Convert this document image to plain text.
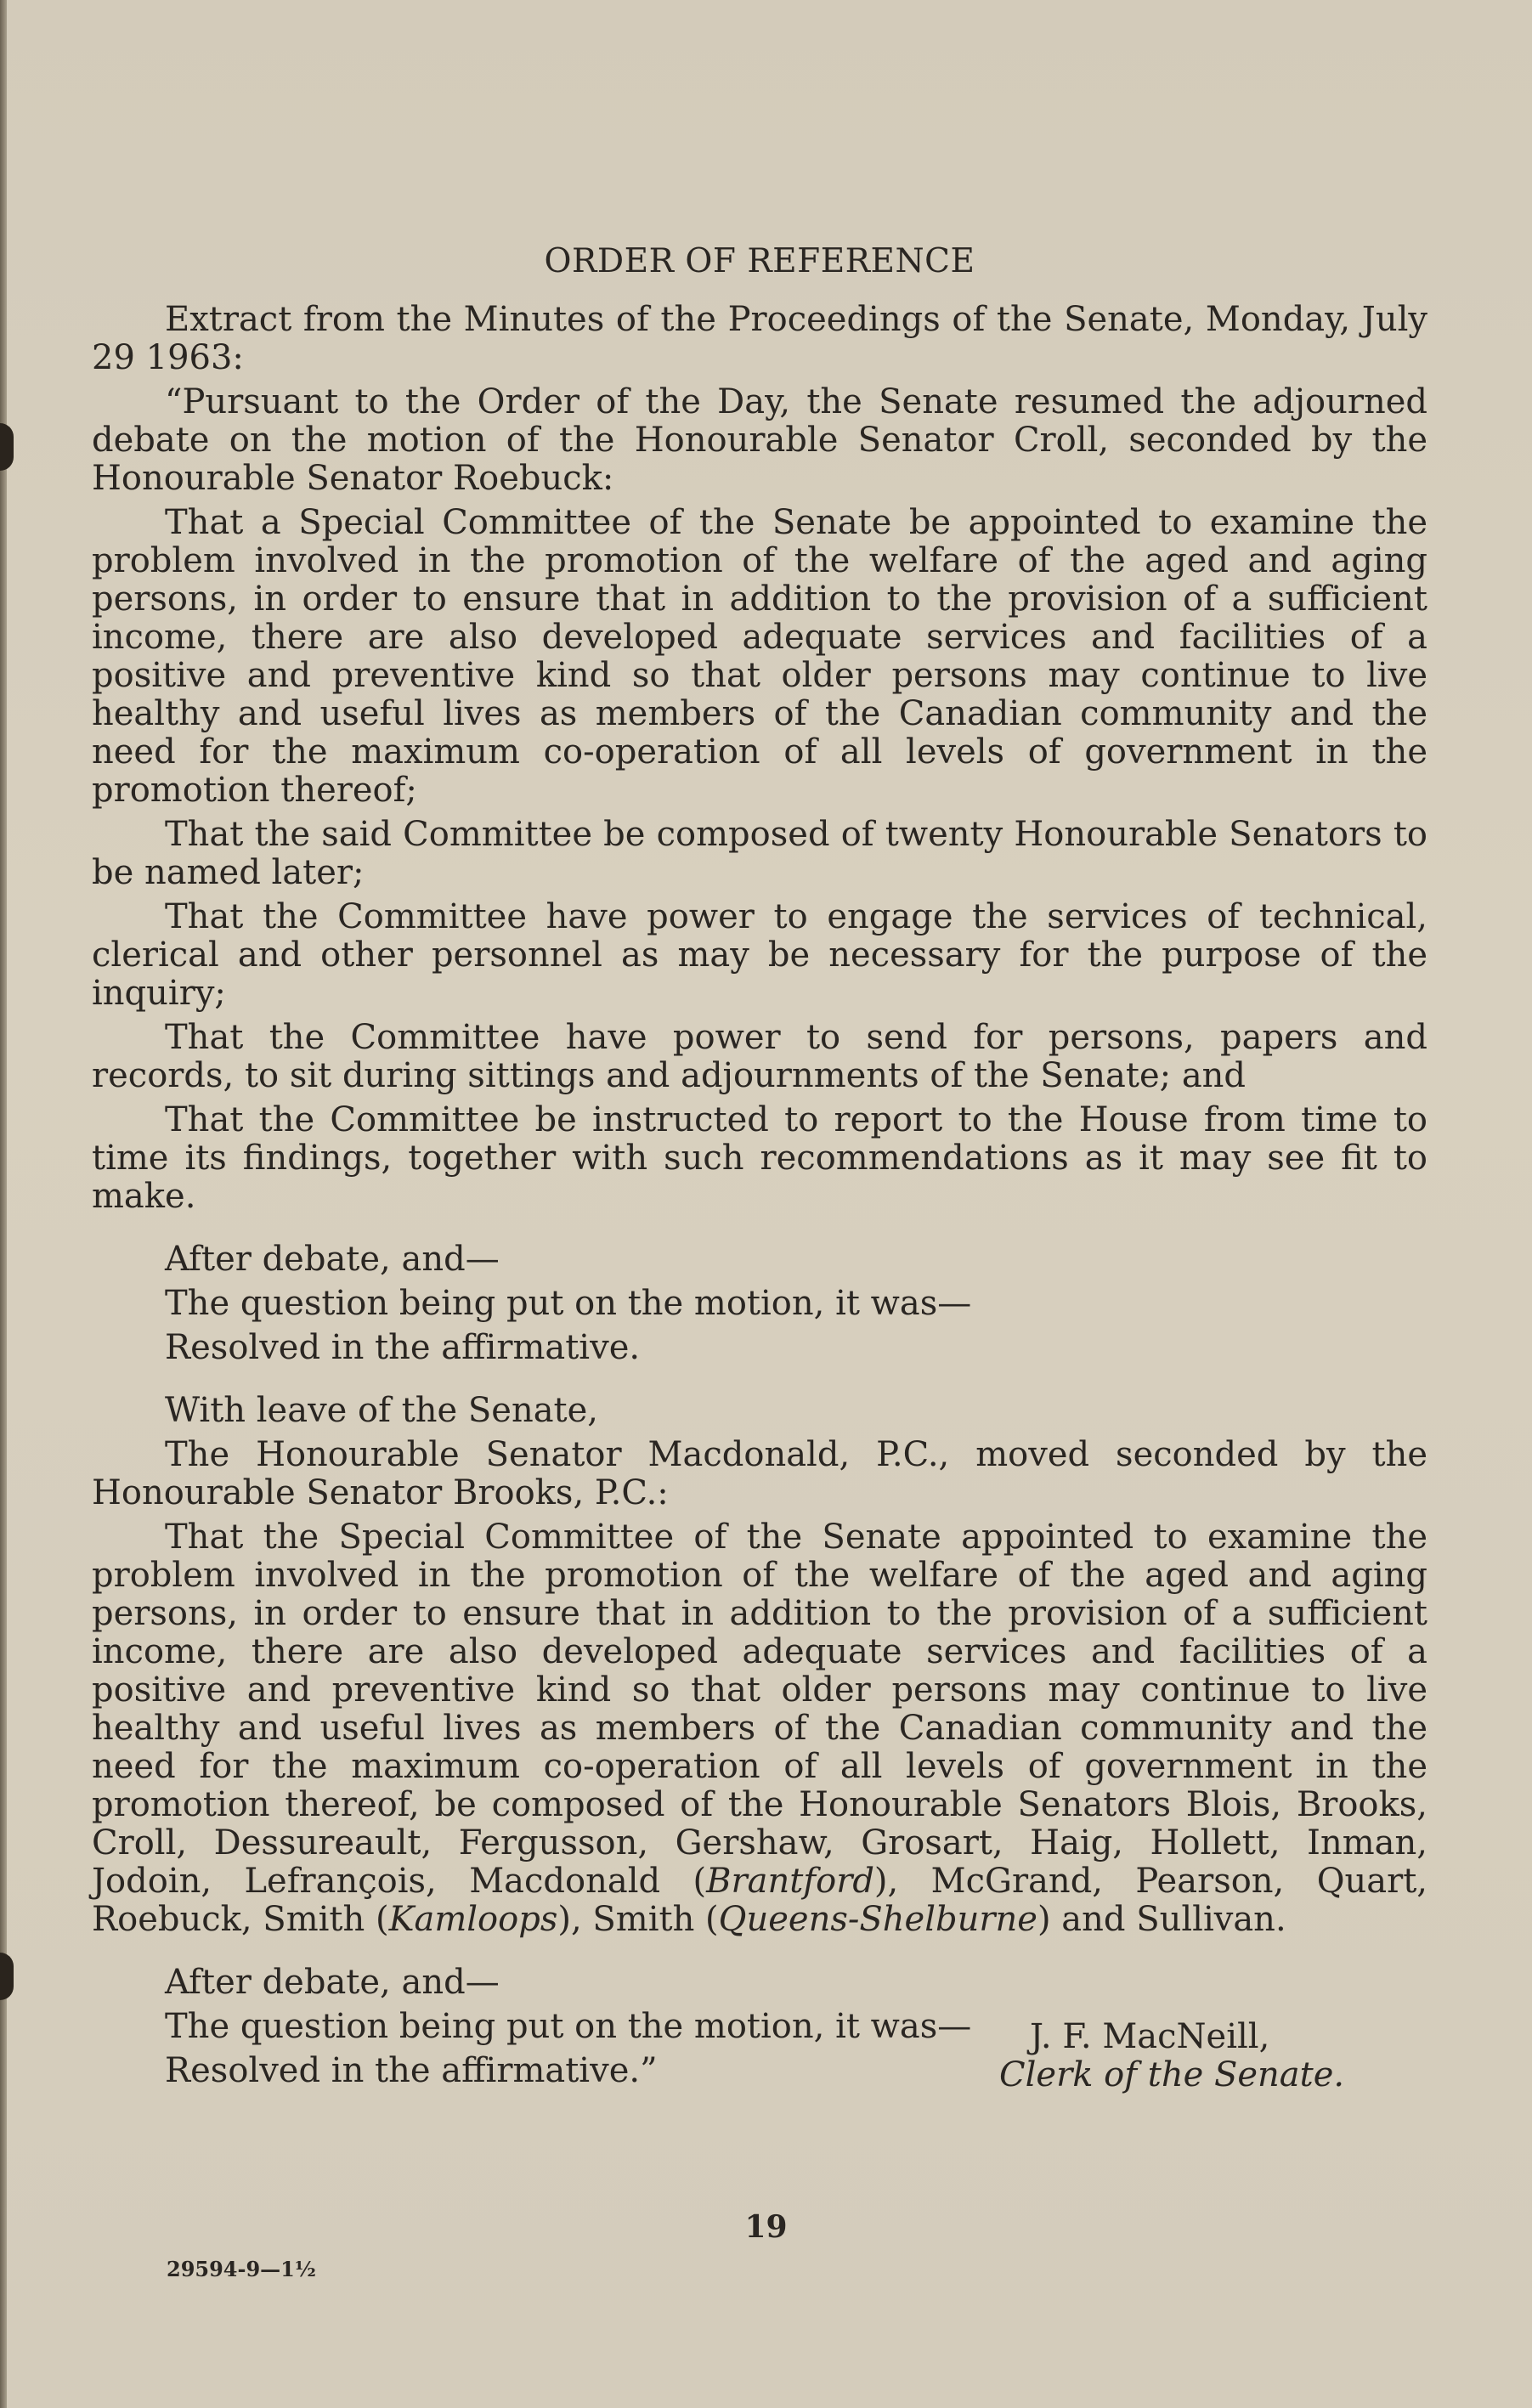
ORDER OF REFERENCE

Extract from the Minutes of the Proceedings of the Senate, Monday, July 29 1963:

“Pursuant to the Order of the Day, the Senate resumed the adjourned debate on the motion of the Honourable Senator Croll, seconded by the Honourable Senator Roebuck:

That a Special Committee of the Senate be appointed to examine the problem involved in the promotion of the welfare of the aged and aging persons, in order to ensure that in addition to the provision of a sufficient income, there are also developed adequate services and facilities of a positive and preventive kind so that older persons may continue to live healthy and useful lives as members of the Canadian community and the need for the maximum co-operation of all levels of government in the promotion thereof;

That the said Committee be composed of twenty Honourable Senators to be named later;

That the Committee have power to engage the services of technical, clerical and other personnel as may be necessary for the purpose of the inquiry;

That the Committee have power to send for persons, papers and records, to sit during sittings and adjournments of the Senate; and

That the Committee be instructed to report to the House from time to time its findings, together with such recommendations as it may see fit to make.

After debate, and—

The question being put on the motion, it was—

Resolved in the affirmative.

With leave of the Senate,

The Honourable Senator Macdonald, P.C., moved seconded by the Honourable Senator Brooks, P.C.:

That the Special Committee of the Senate appointed to examine the problem involved in the promotion of the welfare of the aged and aging persons, in order to ensure that in addition to the provision of a sufficient income, there are also developed adequate services and facilities of a positive and preventive kind so that older persons may continue to live healthy and useful lives as members of the Canadian community and the need for the maximum co-operation of all levels of government in the promotion thereof, be composed of the Honourable Senators Blois, Brooks, Croll, Dessureault, Fergusson, Gershaw, Grosart, Haig, Hollett, Inman, Jodoin, Lefrançois, Macdonald (Brantford), McGrand, Pearson, Quart, Roebuck, Smith (Kamloops), Smith (Queens-Shelburne) and Sullivan.

After debate, and—

The question being put on the motion, it was—

Resolved in the affirmative.”

J. F. MacNeill,
Clerk of the Senate.
19
29594-9—1½
